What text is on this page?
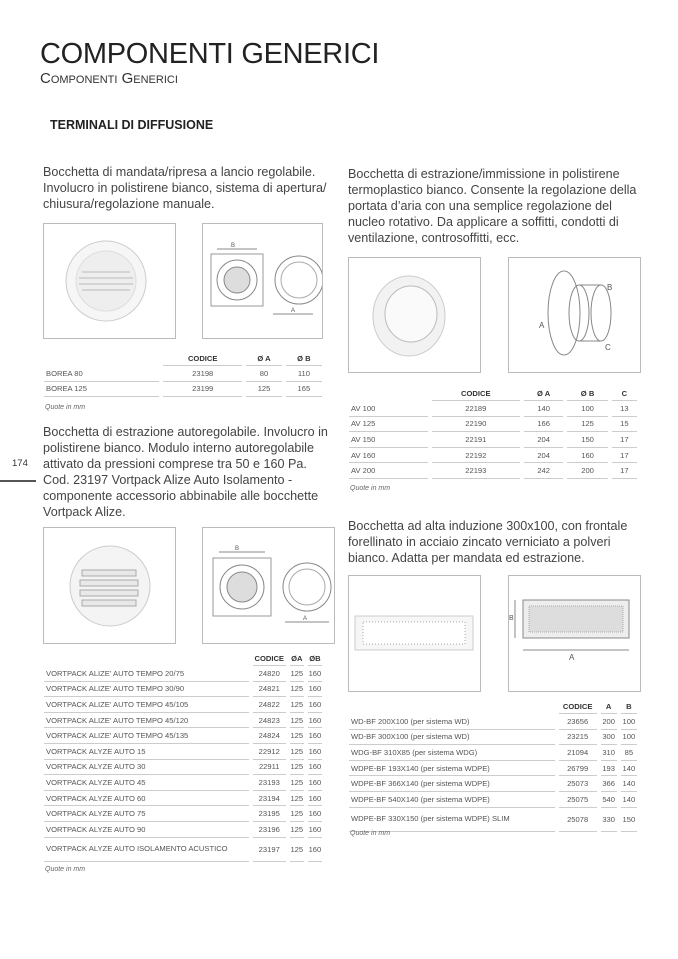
COMPONENTI GENERICI
Componenti Generici
TERMINALI DI DIFFUSIONE
174
Bocchetta di mandata/ripresa a lancio regolabile. Involucro in polistirene bianco, sistema di apertura/ chiusura/regolazione manuale.
B
A
	CODICE	Ø A	Ø B
BOREA 80	23198	80	110
BOREA 125	23199	125	165
Quote in mm
Bocchetta di estrazione/immissione in polistirene termoplastico bianco. Consente la regolazione della portata d’aria con una semplice regolazione del nucleo rotativo. Da applicare a soffitti, condotti di ventilazione, controsoffitti, ecc.
B
A
C
	CODICE	Ø A	Ø B	C
AV 100	22189	140	100	13
AV 125	22190	166	125	15
AV 150	22191	204	150	17
AV 160	22192	204	160	17
AV 200	22193	242	200	17
Quote in mm
Bocchetta di estrazione autoregolabile. Involucro in polistirene bianco. Modulo interno autoregolabile attivato da pressioni comprese tra 50 e 160 Pa. Cod. 23197 Vortpack Alize Auto Isolamento - componente accessorio abbinabile alle bocchette Vortpack Alize.
B
A
	CODICE	ØA	ØB
VORTPACK ALIZE' AUTO TEMPO 20/75	24820	125	160
VORTPACK ALIZE' AUTO TEMPO 30/90	24821	125	160
VORTPACK ALIZE' AUTO TEMPO 45/105	24822	125	160
VORTPACK ALIZE' AUTO TEMPO 45/120	24823	125	160
VORTPACK ALIZE' AUTO TEMPO 45/135	24824	125	160
VORTPACK ALYZE AUTO 15	22912	125	160
VORTPACK ALYZE AUTO 30	22911	125	160
VORTPACK ALYZE AUTO 45	23193	125	160
VORTPACK ALYZE AUTO 60	23194	125	160
VORTPACK ALYZE AUTO 75	23195	125	160
VORTPACK ALYZE AUTO 90	23196	125	160
VORTPACK ALYZE AUTO ISOLAMENTO ACUSTICO	23197	125	160
Quote in mm
Bocchetta ad alta induzione 300x100, con frontale forellinato in acciaio zincato verniciato a polveri bianco. Adatta per mandata ed estrazione.
A
B
	CODICE	A	B
WD-BF 200X100 (per sistema WD)	23656	200	100
WD-BF 300X100 (per sistema WD)	23215	300	100
WDG-BF 310X85 (per sistema WDG)	21094	310	85
WDPE-BF 193X140 (per sistema WDPE)	26799	193	140
WDPE-BF 366X140 (per sistema WDPE)	25073	366	140
WDPE-BF 540X140 (per sistema WDPE)	25075	540	140
WDPE-BF 330X150 (per sistema WDPE) SLIM	25078	330	150
Quote in mm
